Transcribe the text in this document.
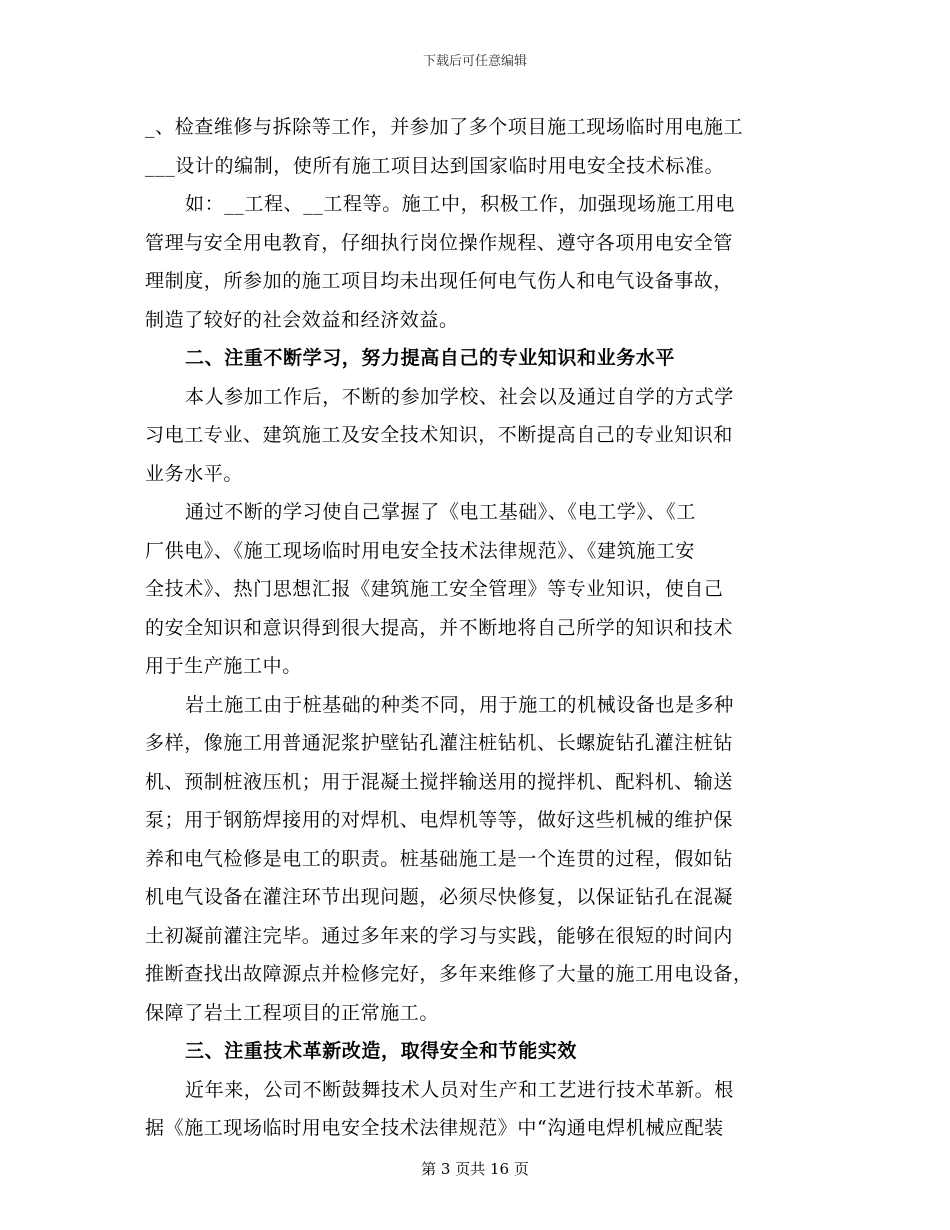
下载后可任意编辑
_、检查维修与拆除等工作，并参加了多个项目施工现场临时用电施工
___设计的编制，使所有施工项目达到国家临时用电安全技术标准。
如：__工程、__工程等。施工中，积极工作，加强现场施工用电
管理与安全用电教育，仔细执行岗位操作规程、遵守各项用电安全管
理制度，所参加的施工项目均未出现任何电气伤人和电气设备事故，
制造了较好的社会效益和经济效益。
二、注重不断学习，努力提高自己的专业知识和业务水平
本人参加工作后，不断的参加学校、社会以及通过自学的方式学
习电工专业、建筑施工及安全技术知识，不断提高自己的专业知识和
业务水平。
通过不断的学习使自己掌握了《电工基础》、《电工学》、《工
厂供电》、《施工现场临时用电安全技术法律规范》、《建筑施工安
全技术》、热门思想汇报《建筑施工安全管理》等专业知识，使自己
的安全知识和意识得到很大提高，并不断地将自己所学的知识和技术
用于生产施工中。
岩土施工由于桩基础的种类不同，用于施工的机械设备也是多种
多样，像施工用普通泥浆护壁钻孔灌注桩钻机、长螺旋钻孔灌注桩钻
机、预制桩液压机；用于混凝土搅拌输送用的搅拌机、配料机、输送
泵；用于钢筋焊接用的对焊机、电焊机等等，做好这些机械的维护保
养和电气检修是电工的职责。桩基础施工是一个连贯的过程，假如钻
机电气设备在灌注环节出现问题，必须尽快修复，以保证钻孔在混凝
土初凝前灌注完毕。通过多年来的学习与实践，能够在很短的时间内
推断查找出故障源点并检修完好，多年来维修了大量的施工用电设备，
保障了岩土工程项目的正常施工。
三、注重技术革新改造，取得安全和节能实效
近年来，公司不断鼓舞技术人员对生产和工艺进行技术革新。根
据《施工现场临时用电安全技术法律规范》中“沟通电焊机械应配装
第 3 页共 16 页
